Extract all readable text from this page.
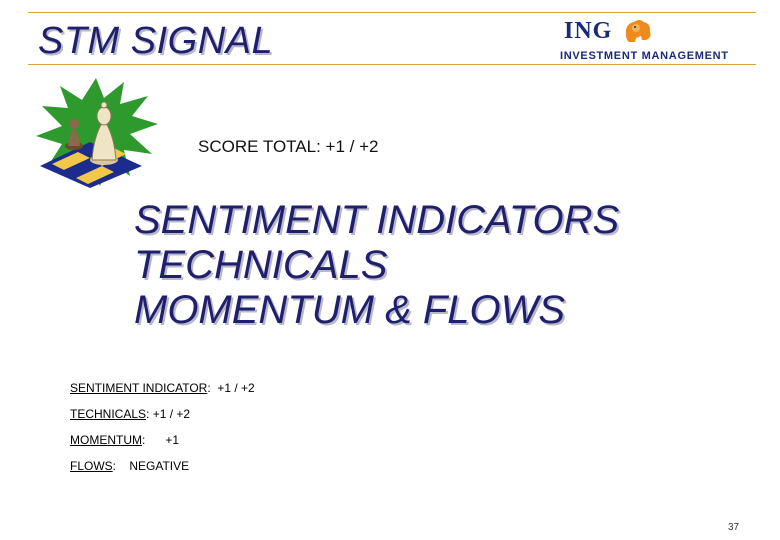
STM SIGNAL	ING
INVESTMENT MANAGEMENT
SCORE TOTAL: +1 / +2
SENTIMENT INDICATORS
TECHNICALS
MOMENTUM & FLOWS
SENTIMENT INDICATOR: +1 / +2
TECHNICALS: +1 / +2
MOMENTUM: +1
FLOWS: NEGATIVE
37
